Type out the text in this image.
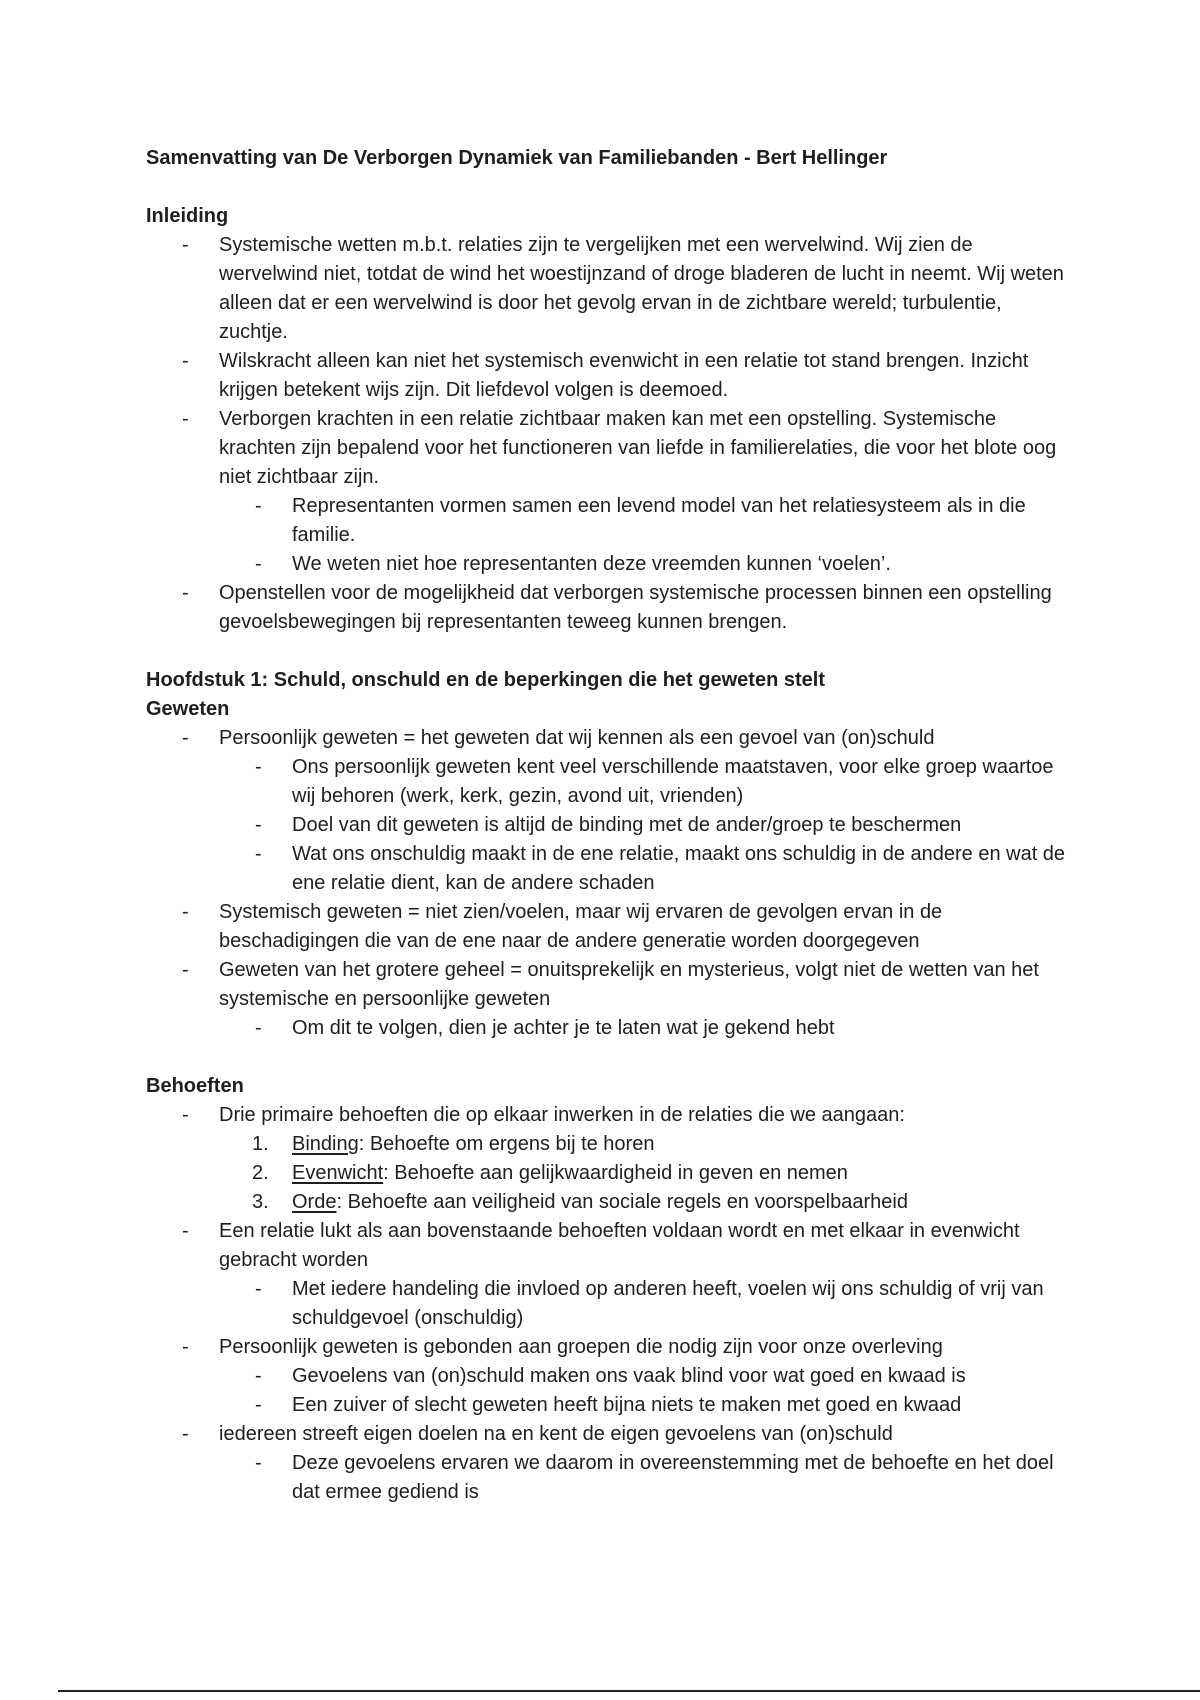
Samenvatting van De Verborgen Dynamiek van Familiebanden - Bert Hellinger

Inleiding

-	Systemische wetten m.b.t. relaties zijn te vergelijken met een wervelwind. Wij zien de wervelwind niet, totdat de wind het woestijnzand of droge bladeren de lucht in neemt. Wij weten alleen dat er een wervelwind is door het gevolg ervan in de zichtbare wereld; turbulentie, zuchtje.
-	Wilskracht alleen kan niet het systemisch evenwicht in een relatie tot stand brengen. Inzicht krijgen betekent wijs zijn. Dit liefdevol volgen is deemoed.
-	Verborgen krachten in een relatie zichtbaar maken kan met een opstelling. Systemische krachten zijn bepalend voor het functioneren van liefde in familierelaties, die voor het blote oog niet zichtbaar zijn.
-	Representanten vormen samen een levend model van het relatiesysteem als in die familie.
-	We weten niet hoe representanten deze vreemden kunnen ‘voelen’.
-	Openstellen voor de mogelijkheid dat verborgen systemische processen binnen een opstelling gevoelsbewegingen bij representanten teweeg kunnen brengen.

Hoofdstuk 1: Schuld, onschuld en de beperkingen die het geweten stelt

Geweten

-	Persoonlijk geweten = het geweten dat wij kennen als een gevoel van (on)schuld
-	Ons persoonlijk geweten kent veel verschillende maatstaven, voor elke groep waartoe wij behoren (werk, kerk, gezin, avond uit, vrienden)
-	Doel van dit geweten is altijd de binding met de ander/groep te beschermen
-	Wat ons onschuldig maakt in de ene relatie, maakt ons schuldig in de andere en wat de ene relatie dient, kan de andere schaden
-	Systemisch geweten = niet zien/voelen, maar wij ervaren de gevolgen ervan in de beschadigingen die van de ene naar de andere generatie worden doorgegeven
-	Geweten van het grotere geheel = onuitsprekelijk en mysterieus, volgt niet de wetten van het systemische en persoonlijke geweten
-	Om dit te volgen, dien je achter je te laten wat je gekend hebt

Behoeften

-	Drie primaire behoeften die op elkaar inwerken in de relaties die we aangaan:
1.	Binding: Behoefte om ergens bij te horen
2.	Evenwicht: Behoefte aan gelijkwaardigheid in geven en nemen
3.	Orde: Behoefte aan veiligheid van sociale regels en voorspelbaarheid
-	Een relatie lukt als aan bovenstaande behoeften voldaan wordt en met elkaar in evenwicht gebracht worden
-	Met iedere handeling die invloed op anderen heeft, voelen wij ons schuldig of vrij van schuldgevoel (onschuldig)
-	Persoonlijk geweten is gebonden aan groepen die nodig zijn voor onze overleving
-	Gevoelens van (on)schuld maken ons vaak blind voor wat goed en kwaad is
-	Een zuiver of slecht geweten heeft bijna niets te maken met goed en kwaad
-	iedereen streeft eigen doelen na en kent de eigen gevoelens van (on)schuld
-	Deze gevoelens ervaren we daarom in overeenstemming met de behoefte en het doel dat ermee gediend is
